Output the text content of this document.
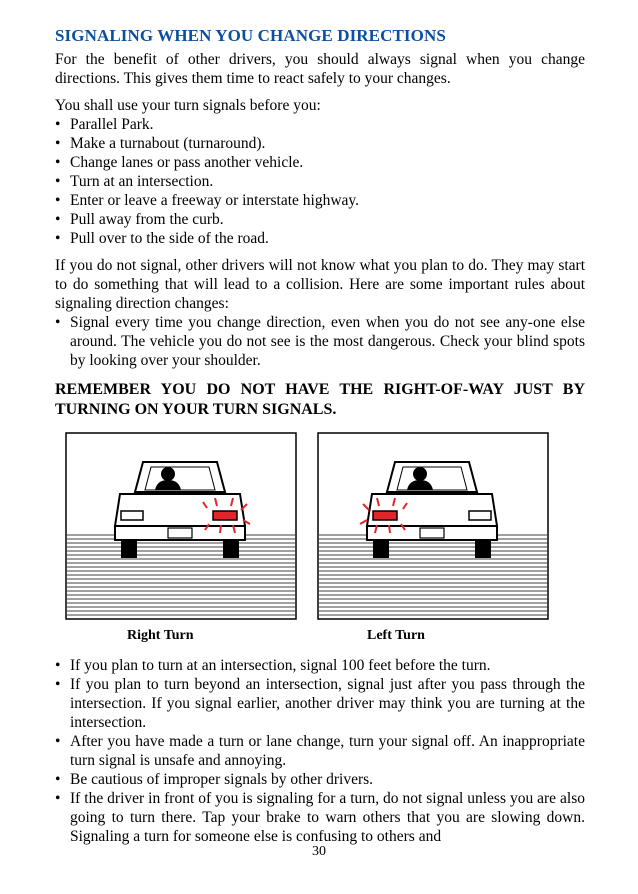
SIGNALING WHEN YOU CHANGE DIRECTIONS

For the benefit of other drivers, you should always signal when you change directions. This gives them time to react safely to your changes.

You shall use your turn signals before you:

• Parallel Park.
• Make a turnabout (turnaround).
• Change lanes or pass another vehicle.
• Turn at an intersection.
• Enter or leave a freeway or interstate highway.
• Pull away from the curb.
• Pull over to the side of the road.

If you do not signal, other drivers will not know what you plan to do. They may start to do something that will lead to a collision. Here are some important rules about signaling direction changes:

• Signal every time you change direction, even when you do not see any-one else around. The vehicle you do not see is the most dangerous. Check your blind spots by looking over your shoulder.
REMEMBER YOU DO NOT HAVE THE RIGHT-OF-WAY JUST BY TURNING ON YOUR TURN SIGNALS.
Right Turn	Left Turn
• If you plan to turn at an intersection, signal 100 feet before the turn.
• If you plan to turn beyond an intersection, signal just after you pass through the intersection. If you signal earlier, another driver may think you are turning at the intersection.
• After you have made a turn or lane change, turn your signal off. An inappropriate turn signal is unsafe and annoying.
• Be cautious of improper signals by other drivers.
• If the driver in front of you is signaling for a turn, do not signal unless you are also going to turn there. Tap your brake to warn others that you are slowing down. Signaling a turn for someone else is confusing to others and
30
